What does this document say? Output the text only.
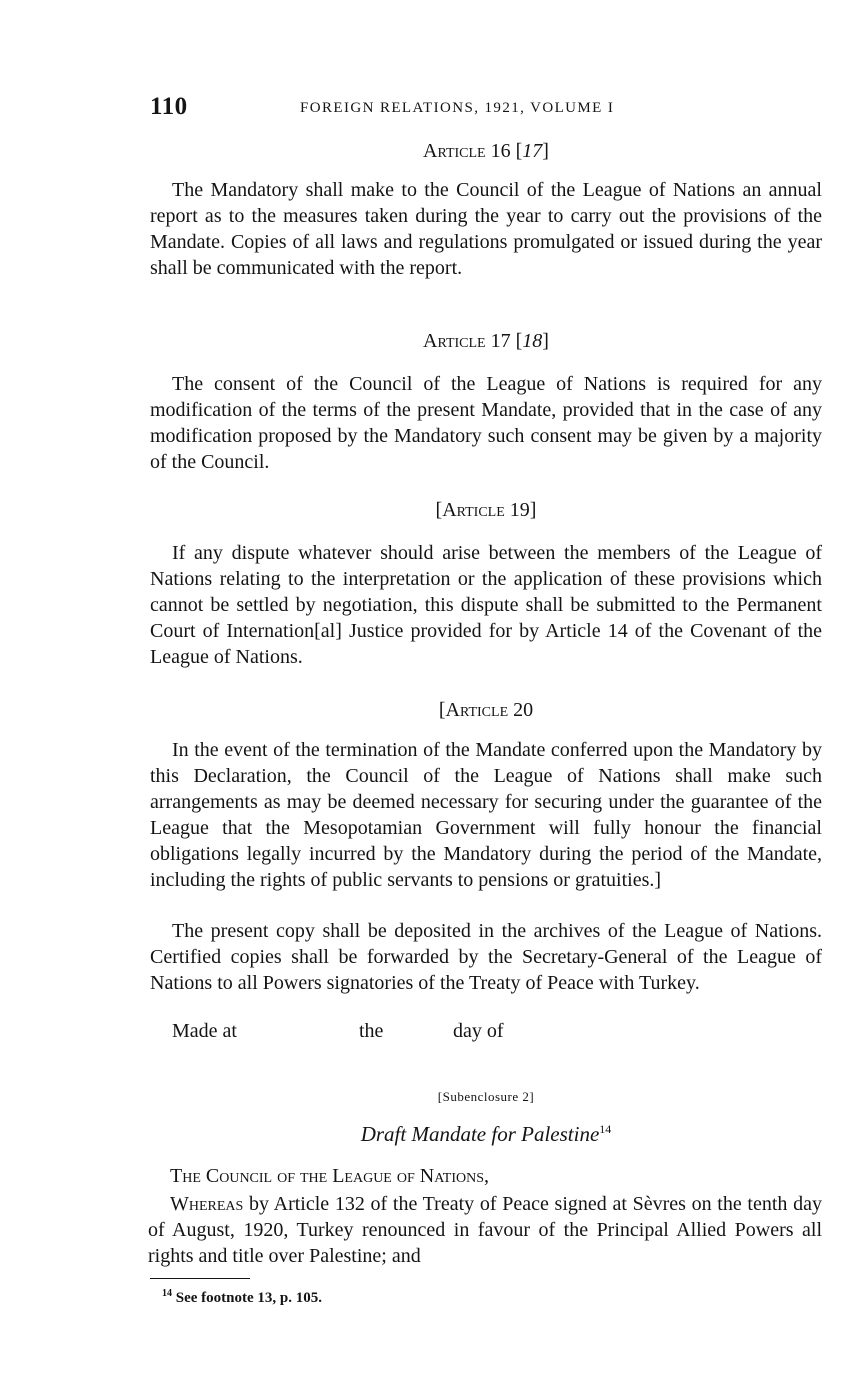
110	FOREIGN RELATIONS, 1921, VOLUME I
Article 16 [17]

The Mandatory shall make to the Council of the League of Nations an annual report as to the measures taken during the year to carry out the provisions of the Mandate. Copies of all laws and regulations promulgated or issued during the year shall be communicated with the report.

Article 17 [18]

The consent of the Council of the League of Nations is required for any modification of the terms of the present Mandate, provided that in the case of any modification proposed by the Mandatory such consent may be given by a majority of the Council.

[Article 19]

If any dispute whatever should arise between the members of the League of Nations relating to the interpretation or the application of these provisions which cannot be settled by negotiation, this dispute shall be submitted to the Permanent Court of Internation[al] Justice provided for by Article 14 of the Covenant of the League of Nations.

[Article 20

In the event of the termination of the Mandate conferred upon the Mandatory by this Declaration, the Council of the League of Nations shall make such arrangements as may be deemed necessary for securing under the guarantee of the League that the Mesopotamian Government will fully honour the financial obligations legally incurred by the Mandatory during the period of the Mandate, including the rights of public servants to pensions or gratuities.]

The present copy shall be deposited in the archives of the League of Nations. Certified copies shall be forwarded by the Secretary-General of the League of Nations to all Powers signatories of the Treaty of Peace with Turkey.

Made at	the	day of
[Subenclosure 2]
Draft Mandate for Palestine$^{14}$
The Council of the League of Nations,

Whereas by Article 132 of the Treaty of Peace signed at Sèvres on the tenth day of August, 1920, Turkey renounced in favour of the Principal Allied Powers all rights and title over Palestine; and

$^{14}$ See footnote 13, p. 105.
